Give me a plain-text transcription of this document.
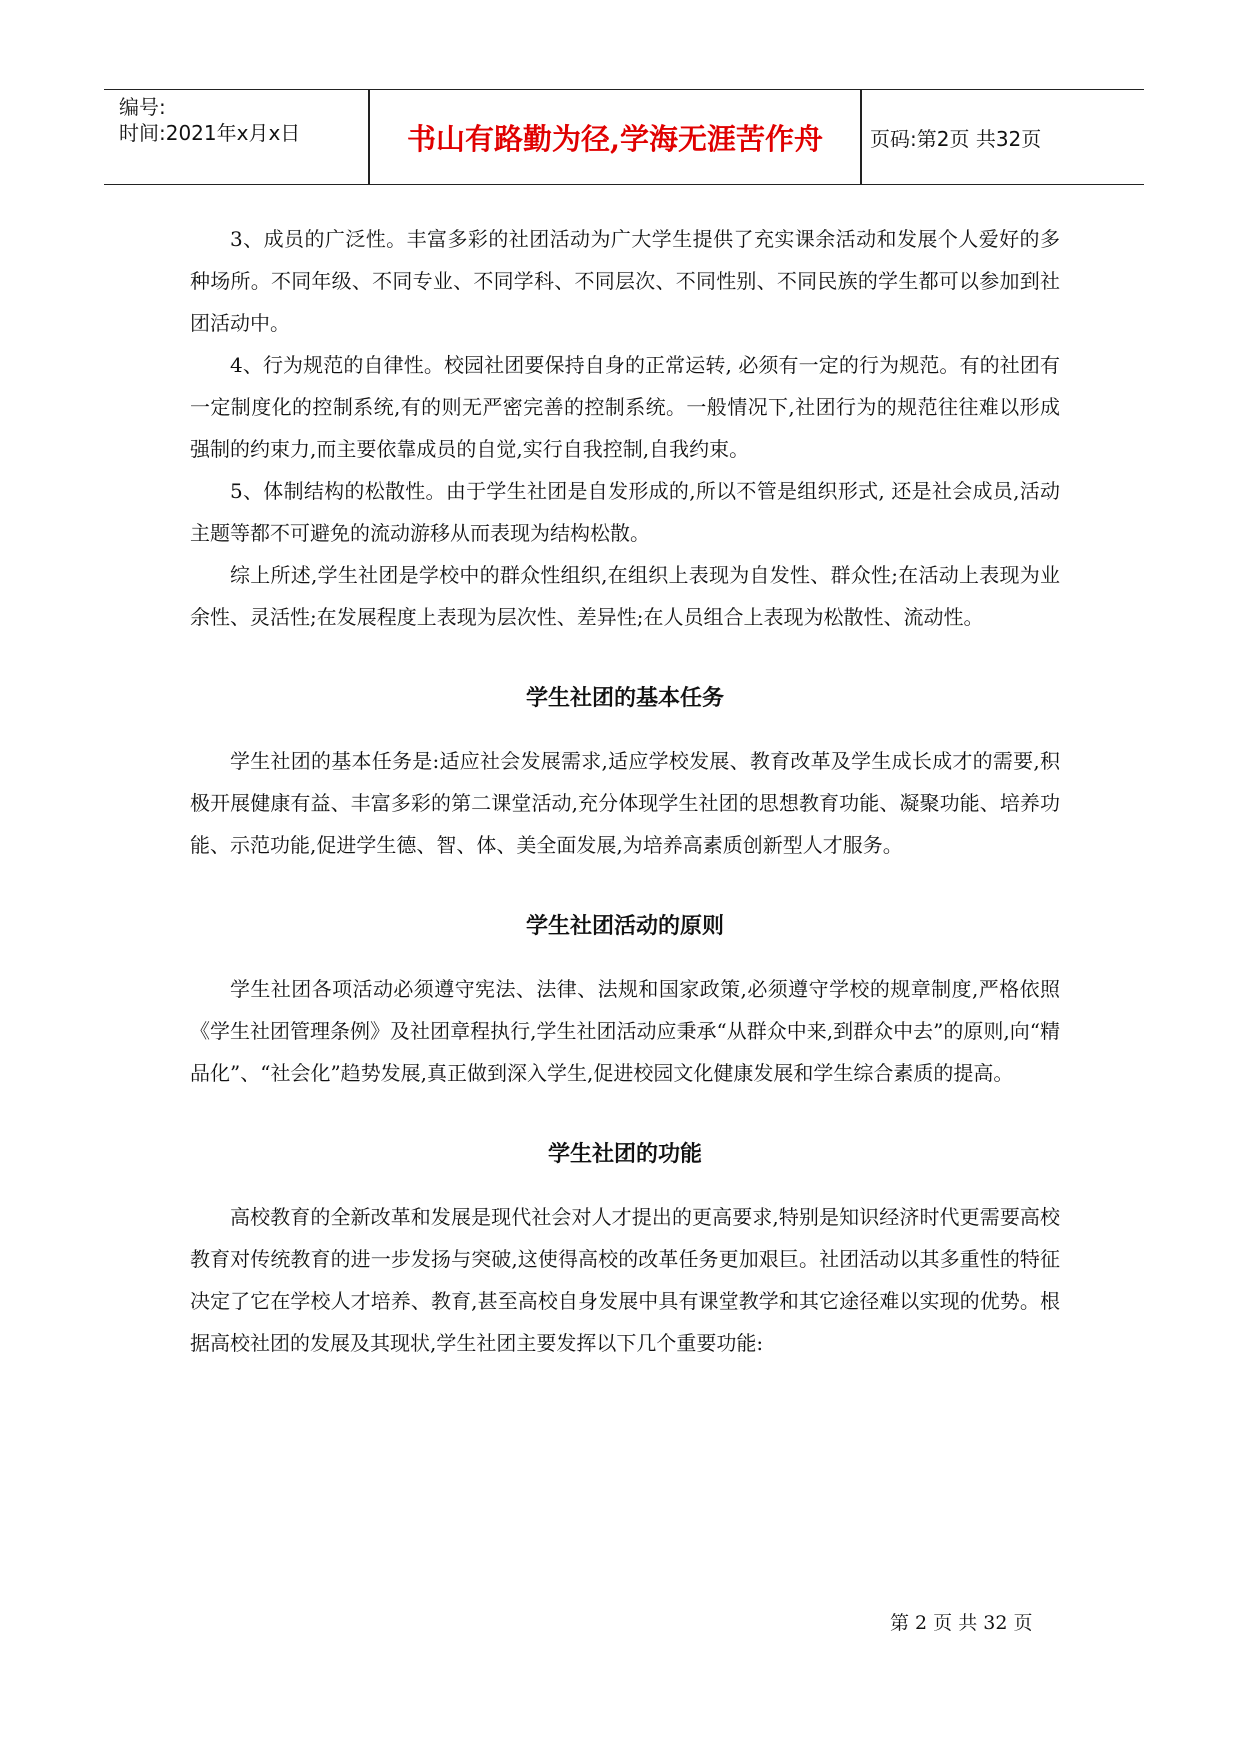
编号:
时间:2021年x月x日	书山有路勤为径,学海无涯苦作舟	页码:第2页 共32页

3、成员的广泛性。丰富多彩的社团活动为广大学生提供了充实课余活动和发展个人爱好的多种场所。不同年级、不同专业、不同学科、不同层次、不同性别、不同民族的学生都可以参加到社团活动中。

4、行为规范的自律性。校园社团要保持自身的正常运转, 必须有一定的行为规范。有的社团有一定制度化的控制系统,有的则无严密完善的控制系统。一般情况下,社团行为的规范往往难以形成强制的约束力,而主要依靠成员的自觉,实行自我控制,自我约束。

5、体制结构的松散性。由于学生社团是自发形成的,所以不管是组织形式, 还是社会成员,活动主题等都不可避免的流动游移从而表现为结构松散。

综上所述,学生社团是学校中的群众性组织,在组织上表现为自发性、群众性;在活动上表现为业余性、灵活性;在发展程度上表现为层次性、差异性;在人员组合上表现为松散性、流动性。

学生社团的基本任务

学生社团的基本任务是:适应社会发展需求,适应学校发展、教育改革及学生成长成才的需要,积极开展健康有益、丰富多彩的第二课堂活动,充分体现学生社团的思想教育功能、凝聚功能、培养功能、示范功能,促进学生德、智、体、美全面发展,为培养高素质创新型人才服务。

学生社团活动的原则

学生社团各项活动必须遵守宪法、法律、法规和国家政策,必须遵守学校的规章制度,严格依照《学生社团管理条例》及社团章程执行,学生社团活动应秉承“从群众中来,到群众中去”的原则,向“精品化”、“社会化”趋势发展,真正做到深入学生,促进校园文化健康发展和学生综合素质的提高。

学生社团的功能

高校教育的全新改革和发展是现代社会对人才提出的更高要求,特别是知识经济时代更需要高校教育对传统教育的进一步发扬与突破,这使得高校的改革任务更加艰巨。社团活动以其多重性的特征决定了它在学校人才培养、教育,甚至高校自身发展中具有课堂教学和其它途径难以实现的优势。根据高校社团的发展及其现状,学生社团主要发挥以下几个重要功能:

第 2 页 共 32 页
